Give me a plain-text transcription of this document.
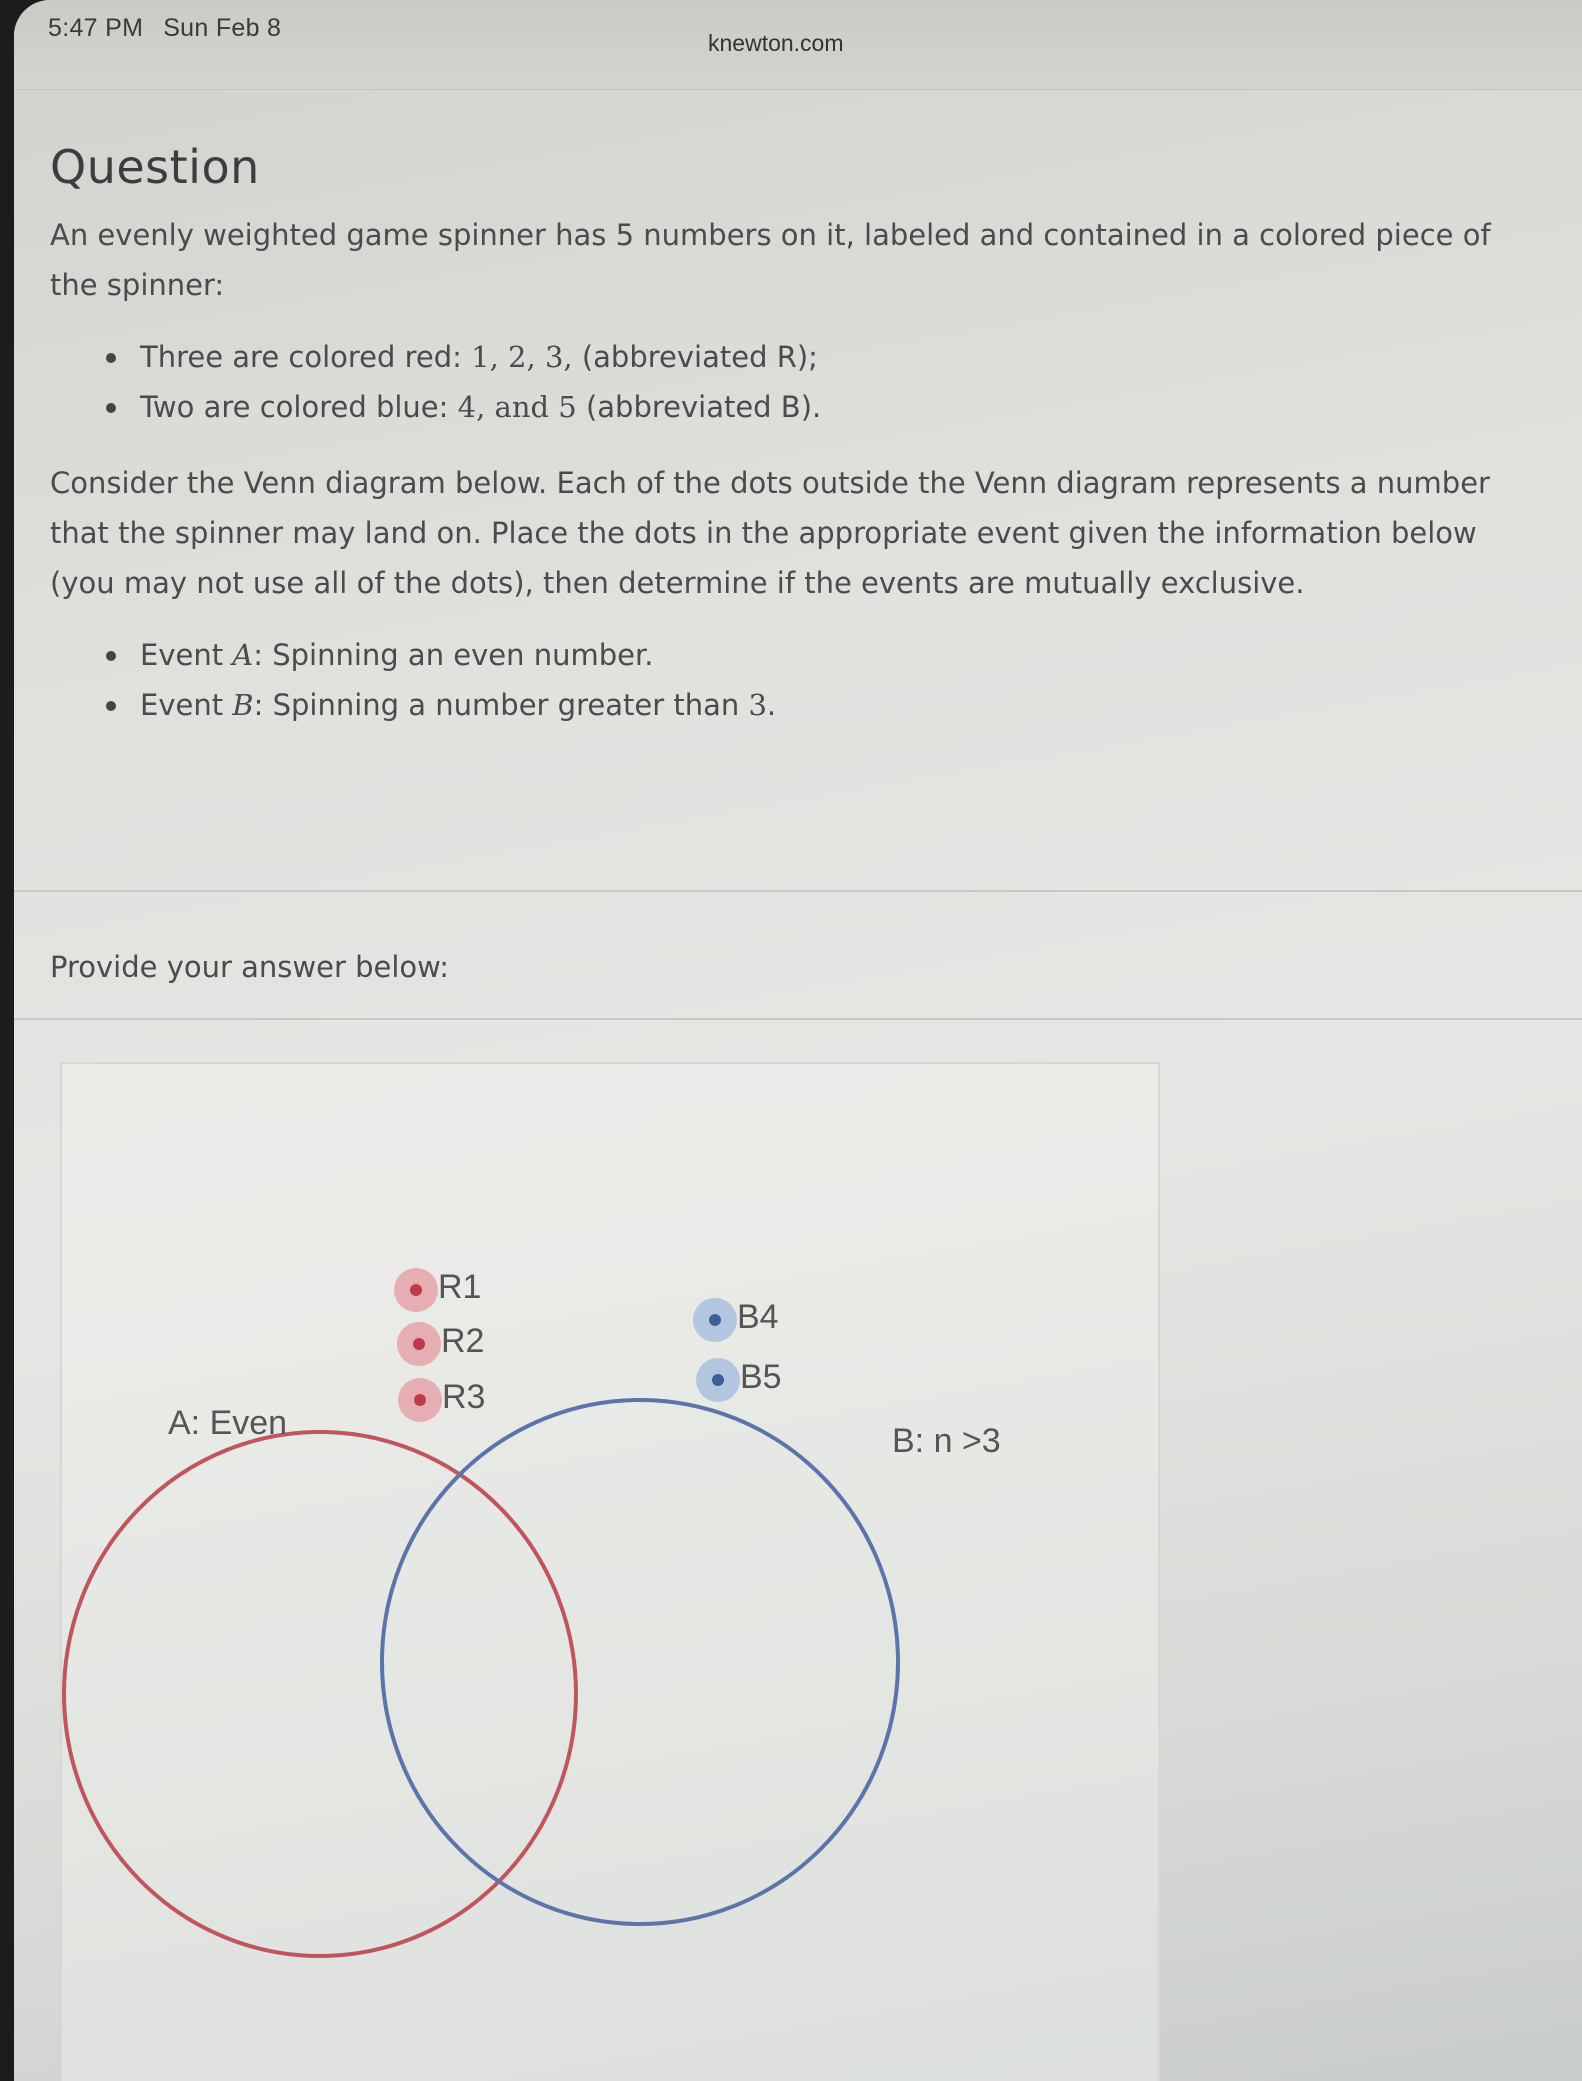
5:47 PM Sun Feb 8
knewton.com
Question

An evenly weighted game spinner has 5 numbers on it, labeled and contained in a colored piece of the spinner:

Three are colored red: 1, 2, 3, (abbreviated R);
Two are colored blue: 4, and 5 (abbreviated B).

Consider the Venn diagram below. Each of the dots outside the Venn diagram represents a number that the spinner may land on. Place the dots in the appropriate event given the information below (you may not use all of the dots), then determine if the events are mutually exclusive.

Event A: Spinning an even number.
Event B: Spinning a number greater than 3.
Provide your answer below:
R1
R2
R3
B4
B5
A: Even	B: n >3
